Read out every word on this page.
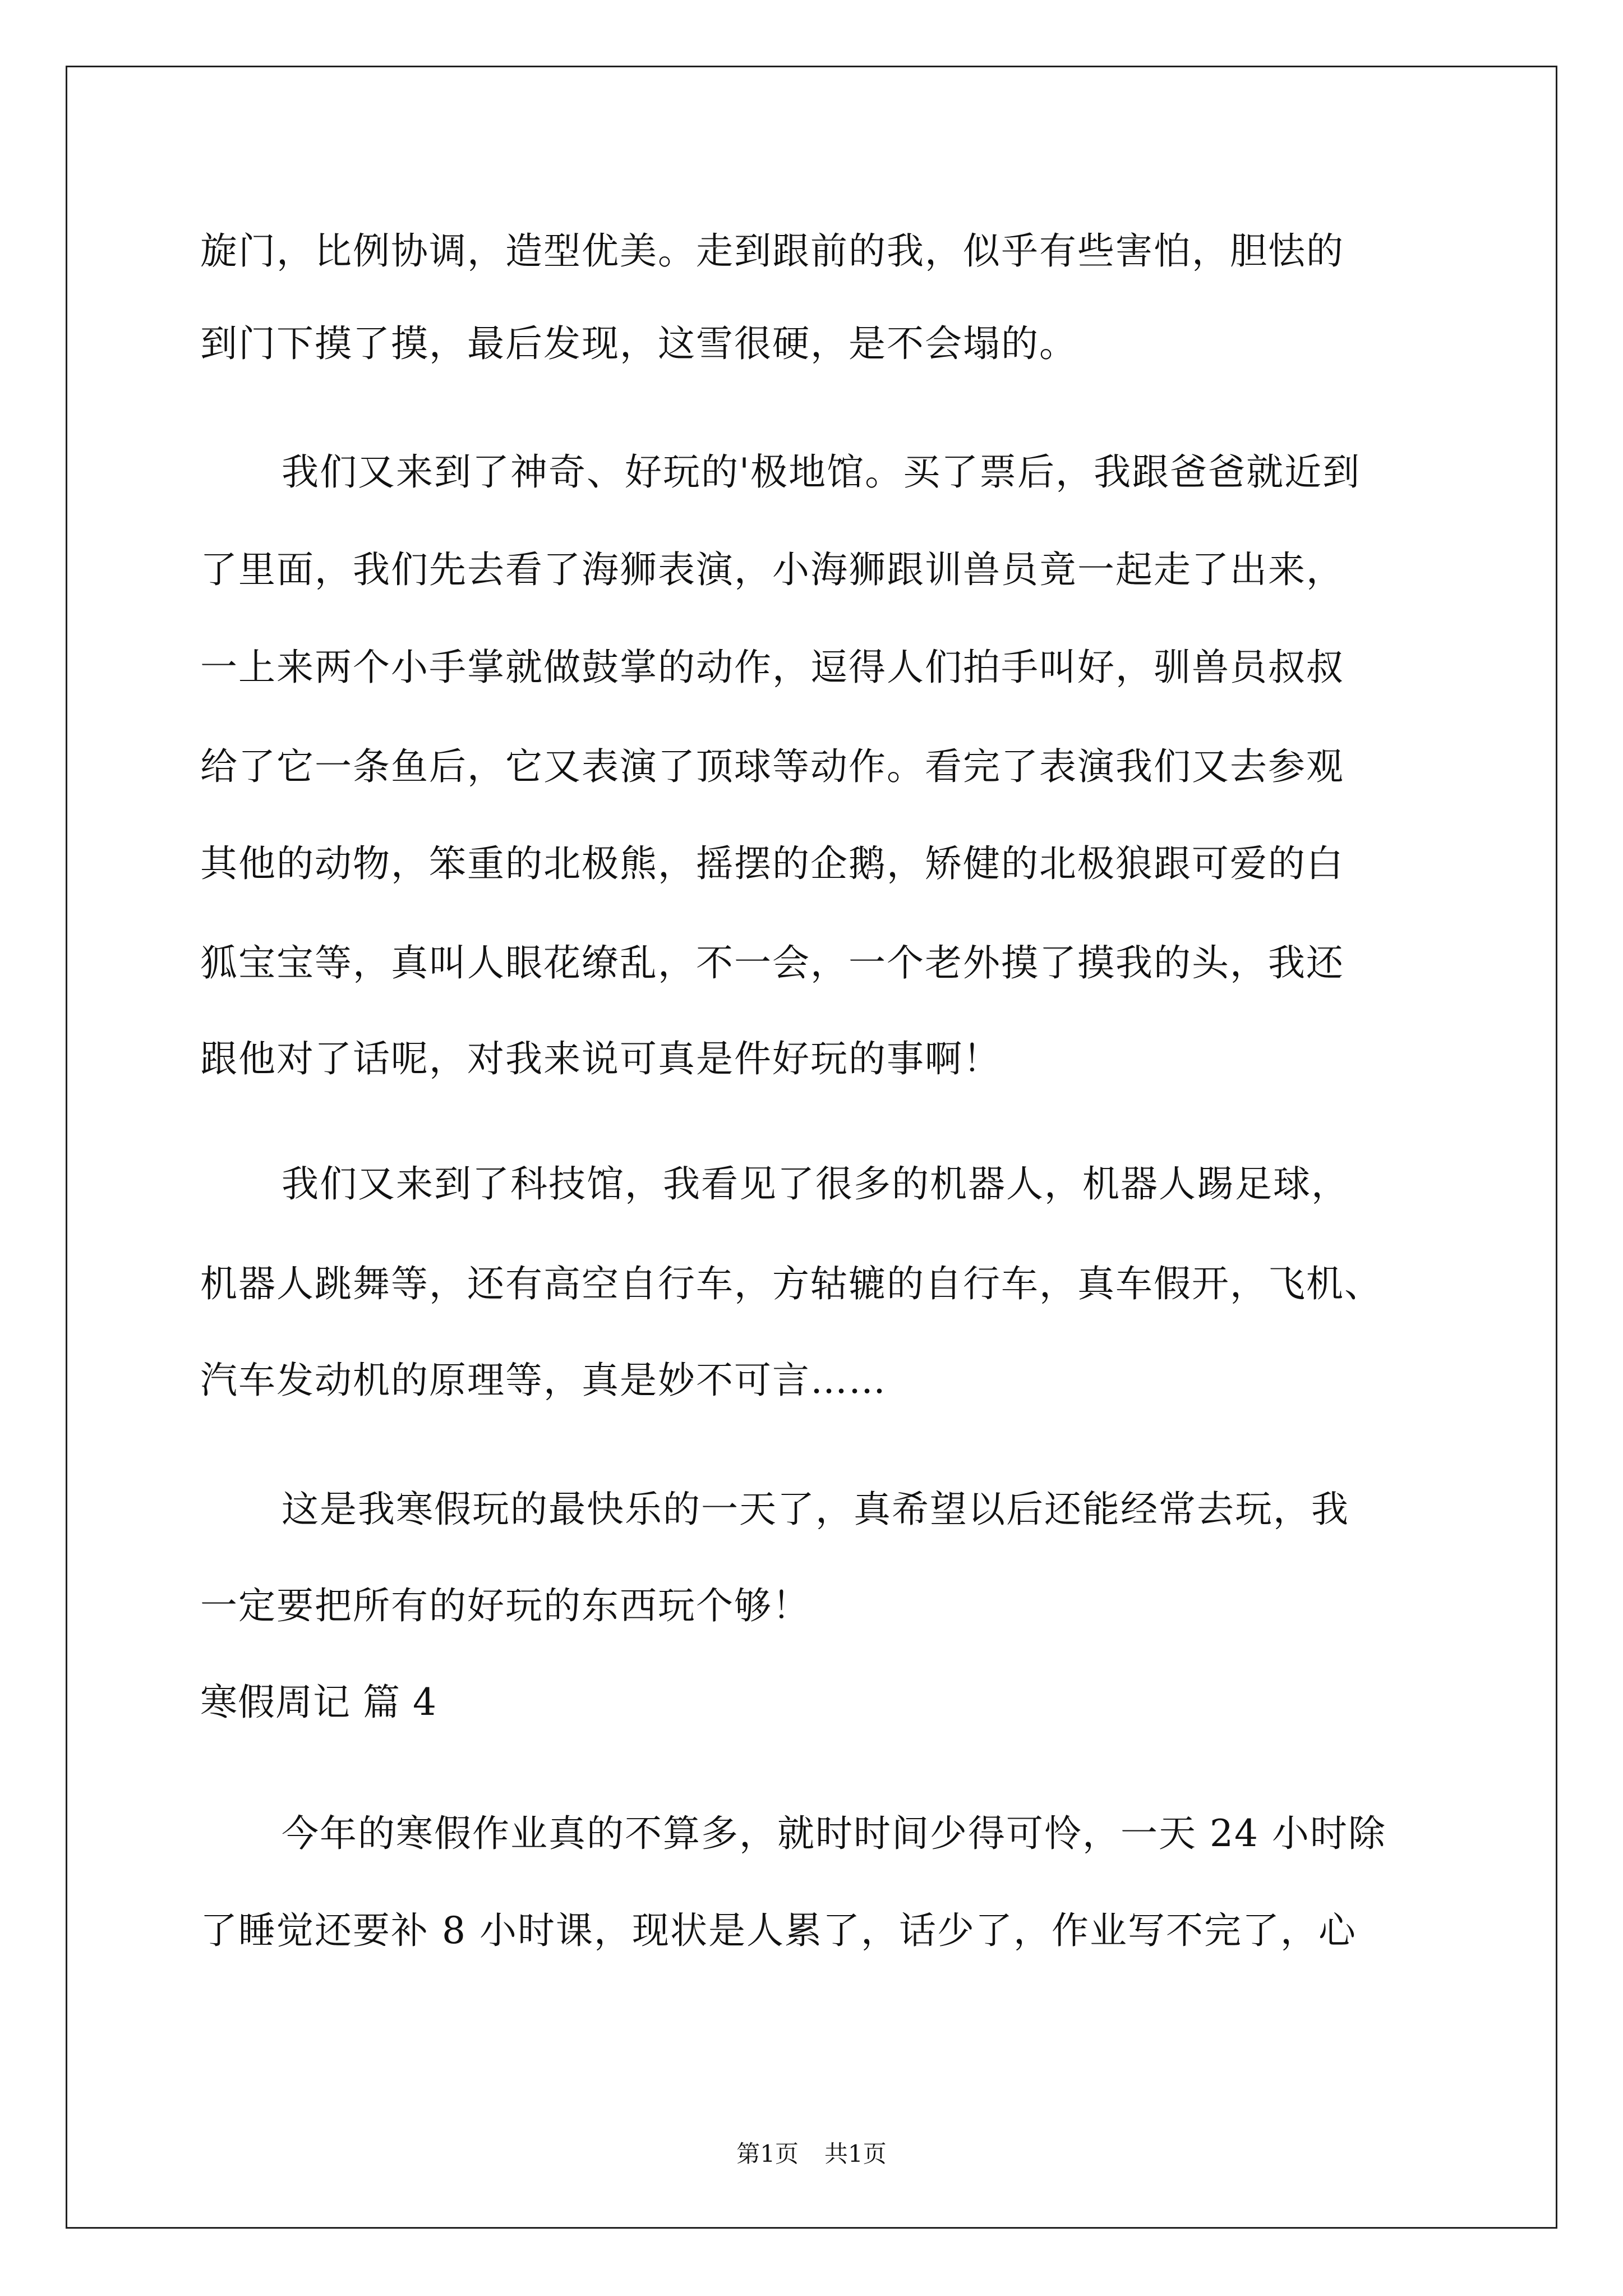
旋门，比例协调，造型优美。走到跟前的我，似乎有些害怕，胆怯的
到门下摸了摸，最后发现，这雪很硬，是不会塌的。
我们又来到了神奇、好玩的'极地馆。买了票后，我跟爸爸就近到
了里面，我们先去看了海狮表演，小海狮跟训兽员竟一起走了出来，
一上来两个小手掌就做鼓掌的动作，逗得人们拍手叫好，驯兽员叔叔
给了它一条鱼后，它又表演了顶球等动作。看完了表演我们又去参观
其他的动物，笨重的北极熊，摇摆的企鹅，矫健的北极狼跟可爱的白
狐宝宝等，真叫人眼花缭乱，不一会，一个老外摸了摸我的头，我还
跟他对了话呢，对我来说可真是件好玩的事啊！
我们又来到了科技馆，我看见了很多的机器人，机器人踢足球，
机器人跳舞等，还有高空自行车，方轱辘的自行车，真车假开，飞机、
汽车发动机的原理等，真是妙不可言……
这是我寒假玩的最快乐的一天了，真希望以后还能经常去玩，我
一定要把所有的好玩的东西玩个够！
寒假周记 篇 4
今年的寒假作业真的不算多，就时时间少得可怜，一天 24 小时除
了睡觉还要补 8 小时课，现状是人累了，话少了，作业写不完了，心
第1页 共1页
